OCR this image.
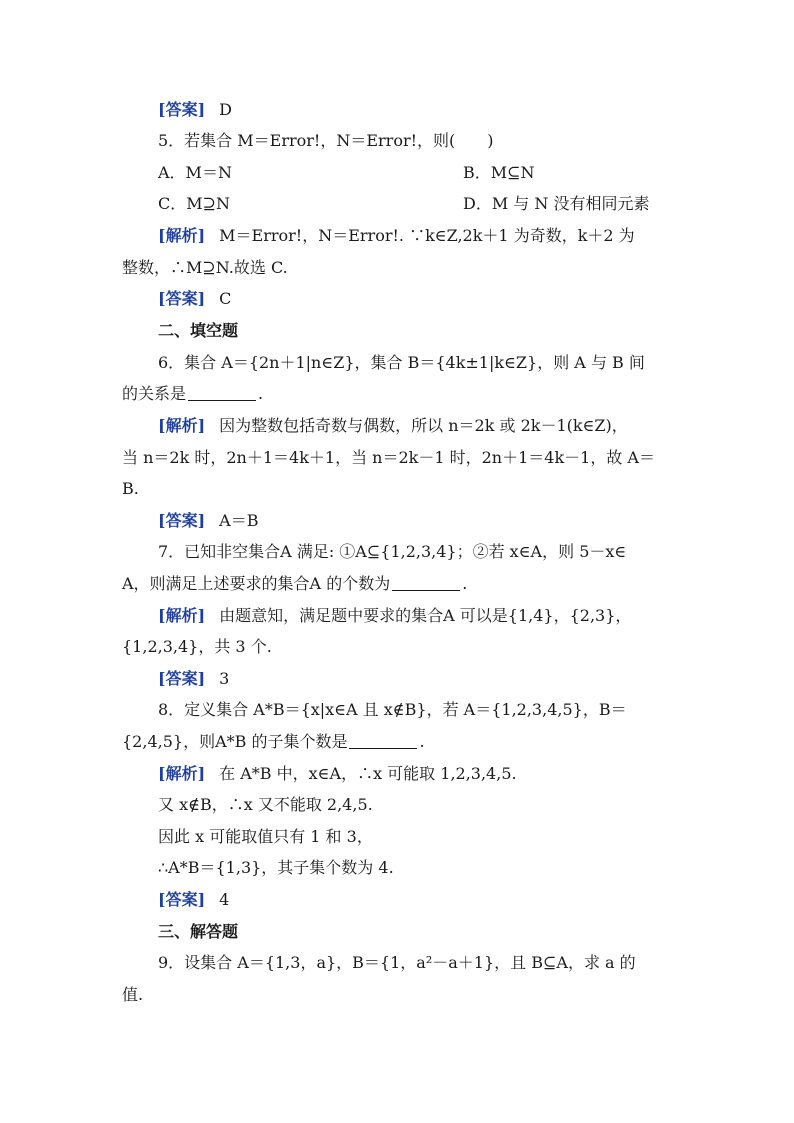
[答案] D
5．若集合 M＝Error!，N＝Error!，则(　　)
A．M＝N	B．M⊆N
C．M⊇N	D．M 与 N 没有相同元素
[解析] M＝Error!，N＝Error!. ∵k∈Z,2k＋1 为奇数，k＋2 为
整数，∴M⊇N.故选 C.
[答案] C
二、填空题
6．集合 A＝{2n＋1|n∈Z}，集合 B＝{4k±1|k∈Z}，则 A 与 B 间
的关系是	.
[解析] 因为整数包括奇数与偶数，所以 n＝2k 或 2k－1(k∈Z)，
当 n＝2k 时，2n＋1＝4k＋1，当 n＝2k－1 时，2n＋1＝4k－1，故 A＝
B.
[答案] A＝B
7．已知非空集合A 满足: ①A⊆{1,2,3,4}；②若 x∈A，则 5－x∈
A，则满足上述要求的集合A 的个数为	.
[解析] 由题意知，满足题中要求的集合A 可以是{1,4}，{2,3}，
{1,2,3,4}，共 3 个.
[答案] 3
8．定义集合 A*B＝{x|x∈A 且 x∉B}，若 A＝{1,2,3,4,5}，B＝
{2,4,5}，则A*B 的子集个数是	.
[解析] 在 A*B 中，x∈A，∴x 可能取 1,2,3,4,5.
又 x∉B，∴x 又不能取 2,4,5.
因此 x 可能取值只有 1 和 3，
∴A*B＝{1,3}，其子集个数为 4.
[答案] 4
三、解答题
9．设集合 A＝{1,3，a}，B＝{1，a²－a＋1}，且 B⊆A，求 a 的
值.
